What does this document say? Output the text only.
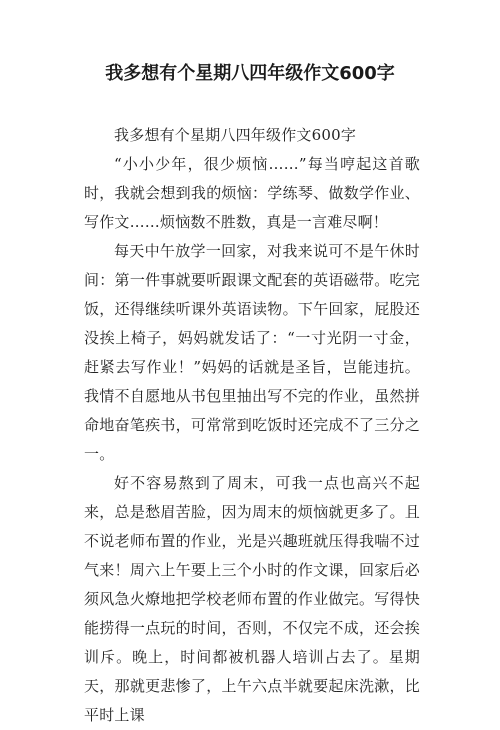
我多想有个星期八四年级作文600字

我多想有个星期八四年级作文600字

“小小少年，很少烦恼……”每当哼起这首歌时，我就会想到我的烦恼：学练琴、做数学作业、写作文……烦恼数不胜数，真是一言难尽啊！

每天中午放学一回家，对我来说可不是午休时间：第一件事就要听跟课文配套的英语磁带。吃完饭，还得继续听课外英语读物。下午回家，屁股还没挨上椅子，妈妈就发话了：“一寸光阴一寸金，赶紧去写作业！”妈妈的话就是圣旨，岂能违抗。我情不自愿地从书包里抽出写不完的作业，虽然拼命地奋笔疾书，可常常到吃饭时还完成不了三分之一。

好不容易熬到了周末，可我一点也高兴不起来，总是愁眉苦脸，因为周末的烦恼就更多了。且不说老师布置的作业，光是兴趣班就压得我喘不过气来！周六上午要上三个小时的作文课，回家后必须风急火燎地把学校老师布置的作业做完。写得快能捞得一点玩的时间，否则，不仅完不成，还会挨训斥。晚上，时间都被机器人培训占去了。星期天，那就更悲惨了，上午六点半就要起床洗漱，比平时上课
